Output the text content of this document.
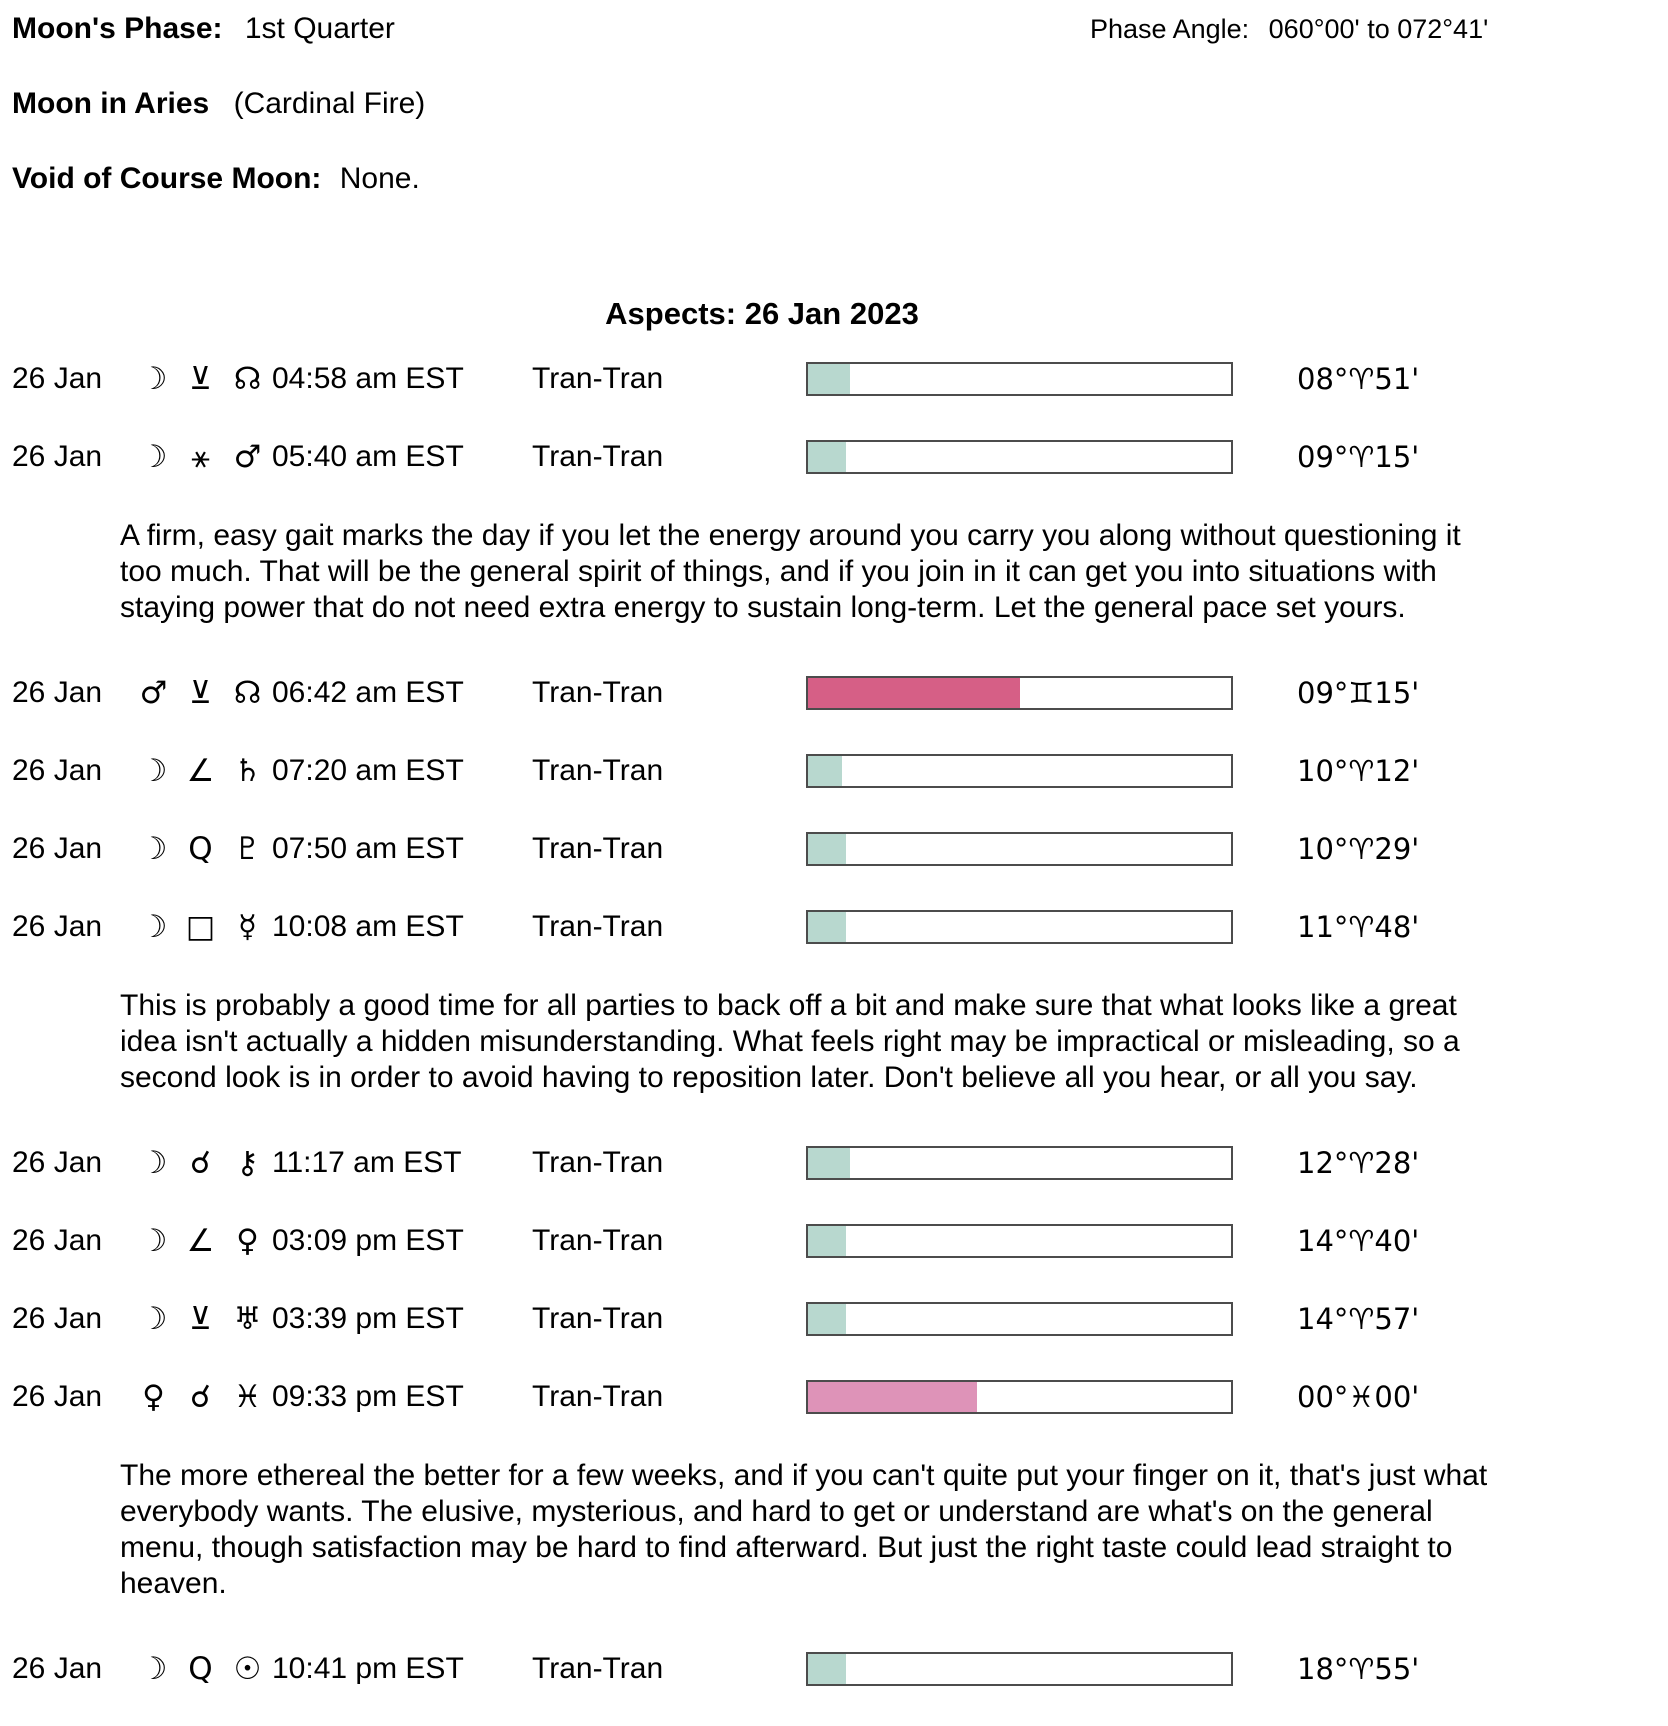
Moon's Phase: 1st Quarter	Phase Angle: 060°00' to 072°41'
Moon in Aries (Cardinal Fire)
Void of Course Moon: None.
Aspects: 26 Jan 2023
26 Jan	☽ ⊻ ☊ 04:58 am EST	Tran-Tran	08°♈51'
26 Jan	☽ ⚹ ♂ 05:40 am EST	Tran-Tran	09°♈15'
A firm, easy gait marks the day if you let the energy around you carry you along without questioning it too much. That will be the general spirit of things, and if you join in it can get you into situations with staying power that do not need extra energy to sustain long-term. Let the general pace set yours.
26 Jan	♂ ⊻ ☊ 06:42 am EST	Tran-Tran	09°♊15'
26 Jan	☽ ∠ ♄ 07:20 am EST	Tran-Tran	10°♈12'
26 Jan	☽ Q ♇ 07:50 am EST	Tran-Tran	10°♈29'
26 Jan	☽ □ ☿ 10:08 am EST	Tran-Tran	11°♈48'
This is probably a good time for all parties to back off a bit and make sure that what looks like a great idea isn't actually a hidden misunderstanding. What feels right may be impractical or misleading, so a second look is in order to avoid having to reposition later. Don't believe all you hear, or all you say.
26 Jan	☽ ☌ ⚷ 11:17 am EST	Tran-Tran	12°♈28'
26 Jan	☽ ∠ ♀ 03:09 pm EST	Tran-Tran	14°♈40'
26 Jan	☽ ⊻ ♅ 03:39 pm EST	Tran-Tran	14°♈57'
26 Jan	♀ ☌ ♓ 09:33 pm EST	Tran-Tran	00°♓00'
The more ethereal the better for a few weeks, and if you can't quite put your finger on it, that's just what everybody wants. The elusive, mysterious, and hard to get or understand are what's on the general menu, though satisfaction may be hard to find afterward. But just the right taste could lead straight to heaven.
26 Jan	☽ Q ☉ 10:41 pm EST	Tran-Tran	18°♈55'
